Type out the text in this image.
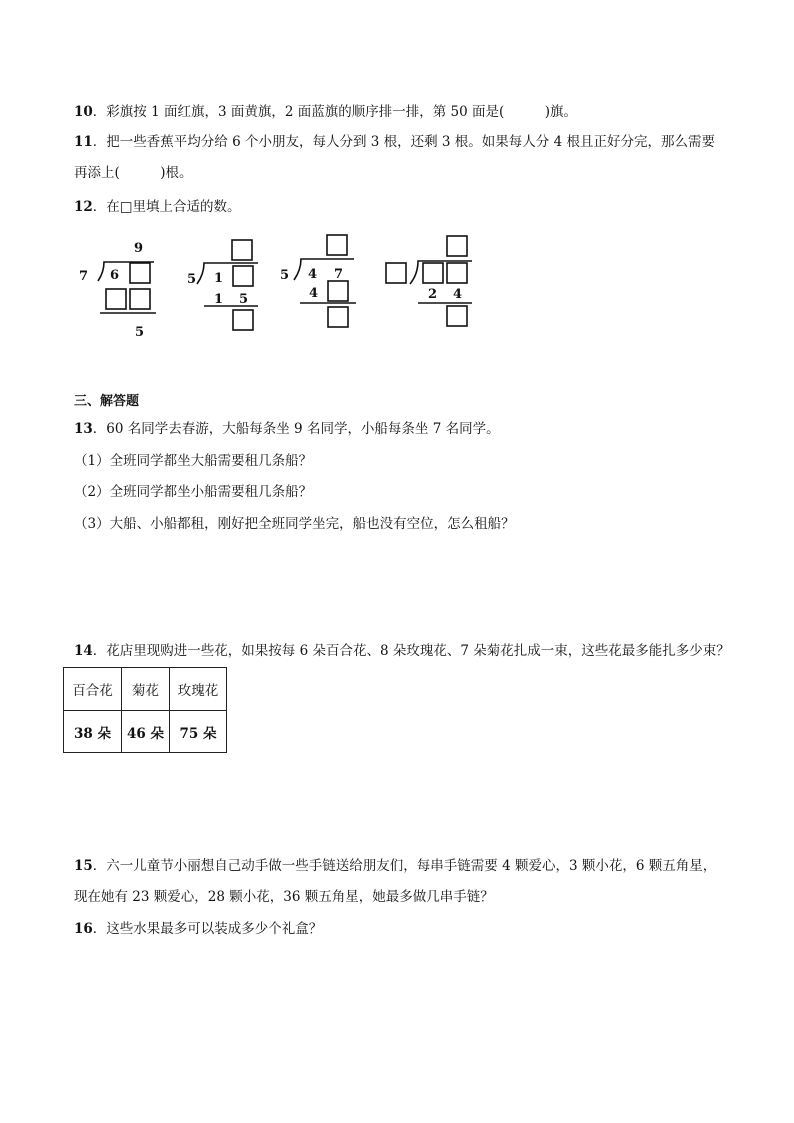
10．彩旗按 1 面红旗，3 面黄旗，2 面蓝旗的顺序排一排，第 50 面是(　　　)旗。
11．把一些香蕉平均分给 6 个小朋友，每人分到 3 根，还剩 3 根。如果每人分 4 根且正好分完，那么需要
再添上(　　　)根。
12．在□里填上合适的数。
9
7 6
5
5 1
1 5
5 4 7
4	2 4
三、解答题
13．60 名同学去春游，大船每条坐 9 名同学，小船每条坐 7 名同学。
（1）全班同学都坐大船需要租几条船？
（2）全班同学都坐小船需要租几条船？
（3）大船、小船都租，刚好把全班同学坐完，船也没有空位，怎么租船？
14．花店里现购进一些花，如果按每 6 朵百合花、8 朵玫瑰花、7 朵菊花扎成一束，这些花最多能扎多少束？
百合花	菊花	玫瑰花
38 朵	46 朵	75 朵
15．六一儿童节小丽想自己动手做一些手链送给朋友们，每串手链需要 4 颗爱心，3 颗小花，6 颗五角星，
现在她有 23 颗爱心，28 颗小花，36 颗五角星，她最多做几串手链？
16．这些水果最多可以装成多少个礼盒？
